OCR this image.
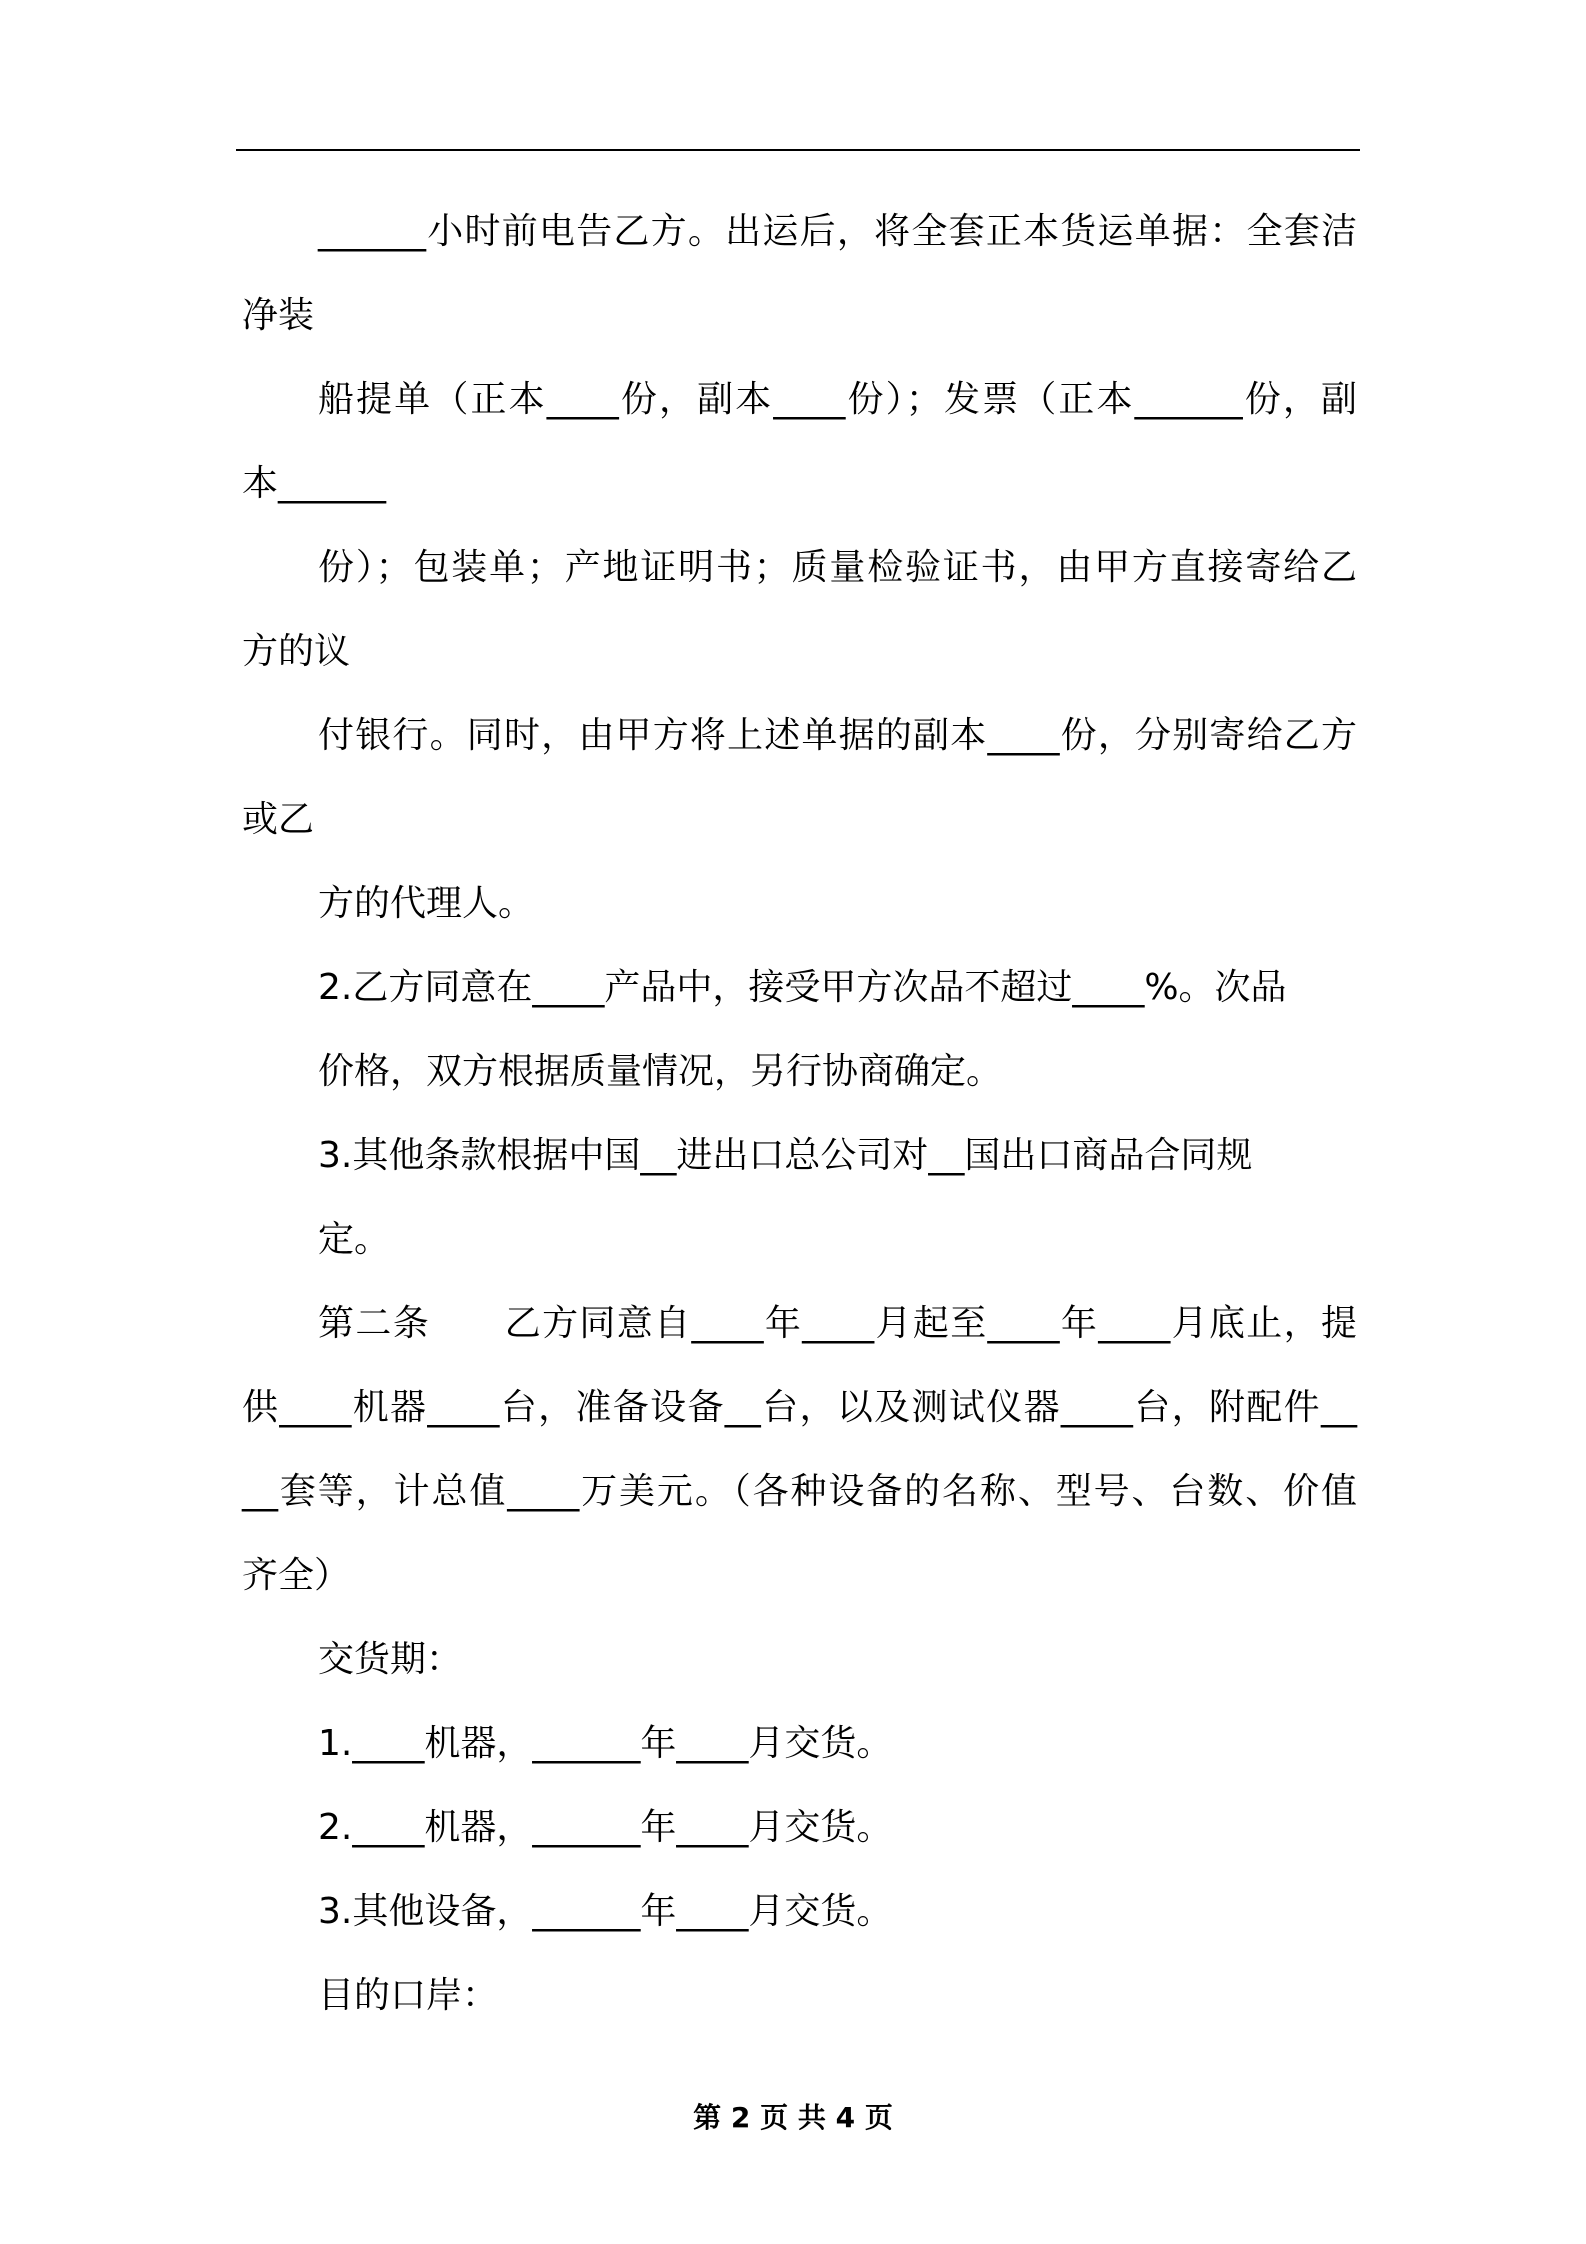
______小时前电告乙方。出运后，将全套正本货运单据：全套洁
净装
船提单（正本____份，副本____份）；发票（正本______份，副
本______
份）；包装单；产地证明书；质量检验证书，由甲方直接寄给乙
方的议
付银行。同时，由甲方将上述单据的副本____份，分别寄给乙方
或乙
方的代理人。
2.乙方同意在____产品中，接受甲方次品不超过____%。次品
价格，双方根据质量情况，另行协商确定。
3.其他条款根据中国__进出口总公司对__国出口商品合同规
定。
第二条　　乙方同意自____年____月起至____年____月底止，提
供____机器____台，准备设备__台，以及测试仪器____台，附配件__
__套等，计总值____万美元。（各种设备的名称、型号、台数、价值
齐全）
交货期：
1.____机器，______年____月交货。
2.____机器，______年____月交货。
3.其他设备，______年____月交货。
目的口岸：
第 2 页 共 4 页
